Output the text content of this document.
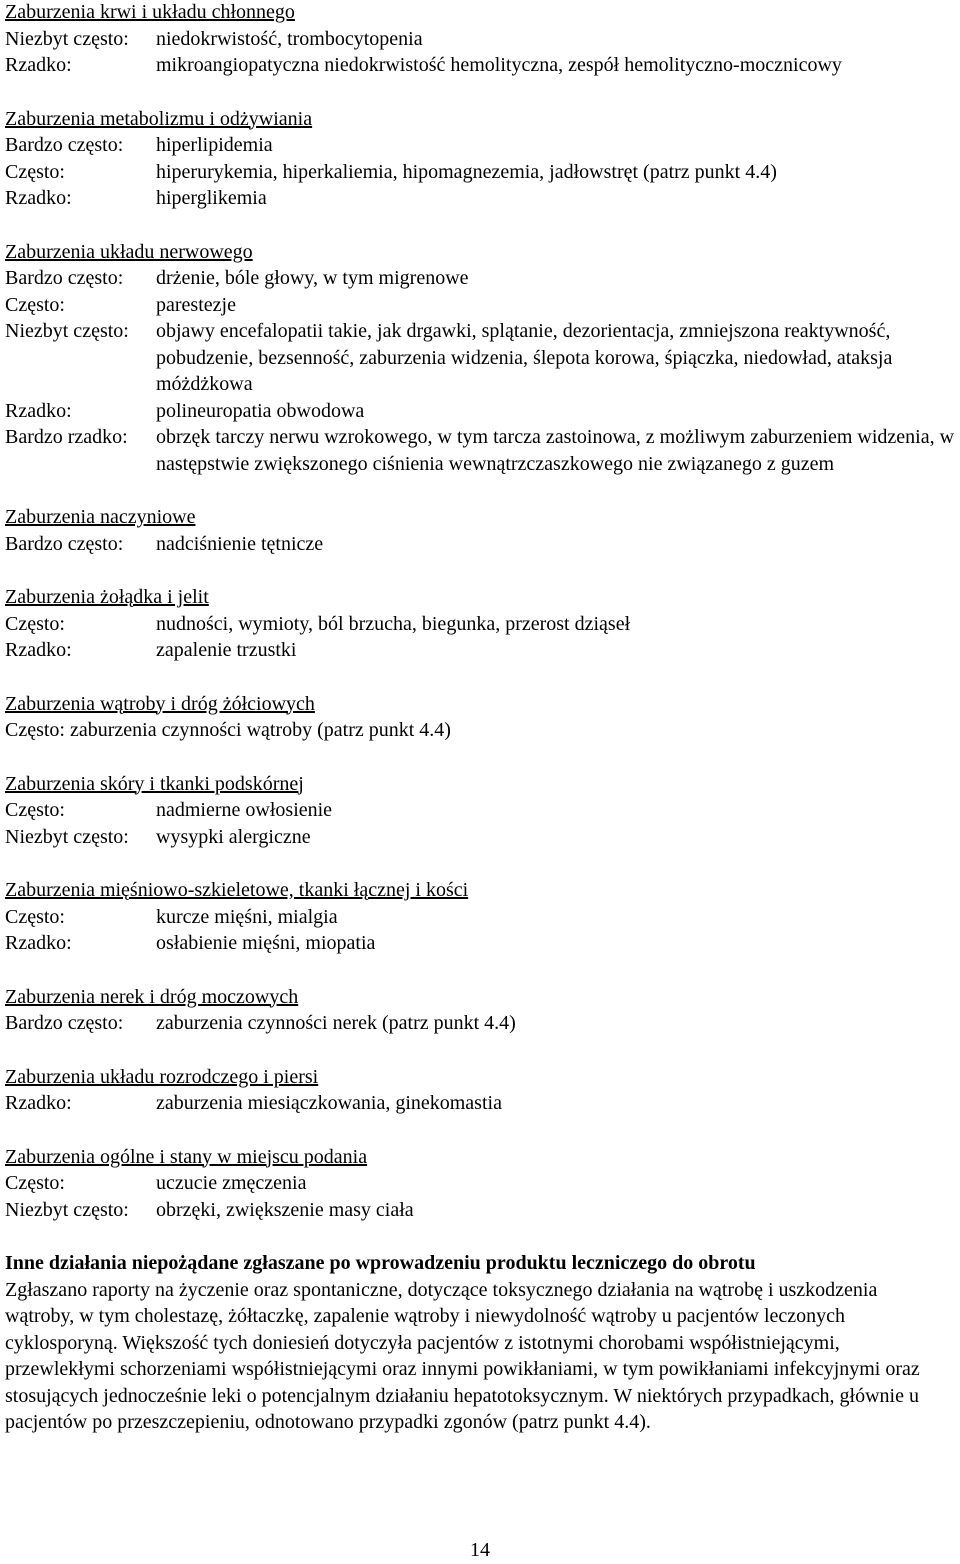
Zaburzenia krwi i układu chłonnego
Niezbyt często:	niedokrwistość, trombocytopenia
Rzadko:	mikroangiopatyczna niedokrwistość hemolityczna, zespół hemolityczno-mocznicowy
Zaburzenia metabolizmu i odżywiania
Bardzo często:	hiperlipidemia
Często:	hiperurykemia, hiperkaliemia, hipomagnezemia, jadłowstręt (patrz punkt 4.4)
Rzadko:	hiperglikemia
Zaburzenia układu nerwowego
Bardzo często:	drżenie, bóle głowy, w tym migrenowe
Często:	parestezje
Niezbyt często:	objawy encefalopatii takie, jak drgawki, splątanie, dezorientacja, zmniejszona reaktywność, pobudzenie, bezsenność, zaburzenia widzenia, ślepota korowa, śpiączka, niedowład, ataksja móżdżkowa
Rzadko:	polineuropatia obwodowa
Bardzo rzadko:	obrzęk tarczy nerwu wzrokowego, w tym tarcza zastoinowa, z możliwym zaburzeniem widzenia, w następstwie zwiększonego ciśnienia wewnątrzczaszkowego nie związanego z guzem
Zaburzenia naczyniowe
Bardzo często:	nadciśnienie tętnicze
Zaburzenia żołądka i jelit
Często:	nudności, wymioty, ból brzucha, biegunka, przerost dziąseł
Rzadko:	zapalenie trzustki
Zaburzenia wątroby i dróg żółciowych
Często: zaburzenia czynności wątroby (patrz punkt 4.4)
Zaburzenia skóry i tkanki podskórnej
Często:	nadmierne owłosienie
Niezbyt często:	wysypki alergiczne
Zaburzenia mięśniowo-szkieletowe, tkanki łącznej i kości
Często:	kurcze mięśni, mialgia
Rzadko:	osłabienie mięśni, miopatia
Zaburzenia nerek i dróg moczowych
Bardzo często:	zaburzenia czynności nerek (patrz punkt 4.4)
Zaburzenia układu rozrodczego i piersi
Rzadko:	zaburzenia miesiączkowania, ginekomastia
Zaburzenia ogólne i stany w miejscu podania
Często:	uczucie zmęczenia
Niezbyt często:	obrzęki, zwiększenie masy ciała
Inne działania niepożądane zgłaszane po wprowadzeniu produktu leczniczego do obrotu
Zgłaszano raporty na życzenie oraz spontaniczne, dotyczące toksycznego działania na wątrobę i uszkodzenia wątroby, w tym cholestazę, żółtaczkę, zapalenie wątroby i niewydolność wątroby u pacjentów leczonych cyklosporyną. Większość tych doniesień dotyczyła pacjentów z istotnymi chorobami współistniejącymi, przewlekłymi schorzeniami współistniejącymi oraz innymi powikłaniami, w tym powikłaniami infekcyjnymi oraz stosujących jednocześnie leki o potencjalnym działaniu hepatotoksycznym. W niektórych przypadkach, głównie u pacjentów po przeszczepieniu, odnotowano przypadki zgonów (patrz punkt 4.4).
14
